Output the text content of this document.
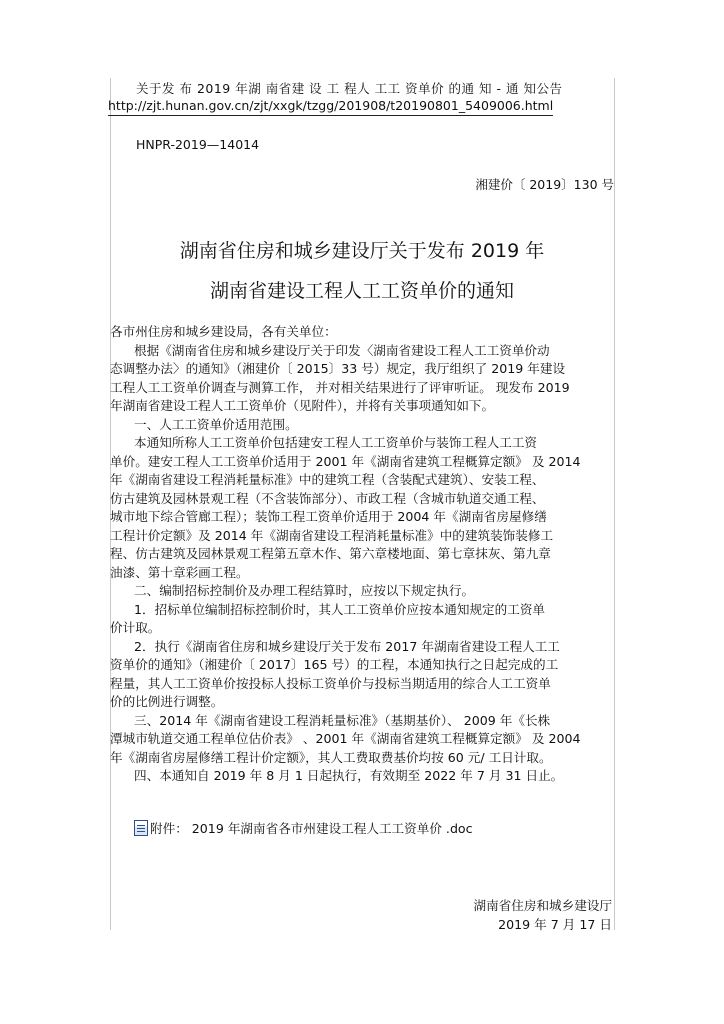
关于发 布 2019 年湖 南省建 设 工 程人 工工 资单价 的通 知 - 通 知公告
http://zjt.hunan.gov.cn/zjt/xxgk/tzgg/201908/t20190801_5409006.html
HNPR-2019—14014
湘建价〔 2019〕130 号
湖南省住房和城乡建设厅关于发布 2019 年
湖南省建设工程人工工资单价的通知
各市州住房和城乡建设局，各有关单位：
根据《湖南省住房和城乡建设厅关于印发〈湖南省建设工程人工工资单价动
态调整办法〉的通知》（湘建价〔 2015〕33 号）规定，我厅组织了 2019 年建设
工程人工工资单价调查与测算工作， 并对相关结果进行了评审听证。 现发布 2019
年湖南省建设工程人工工资单价（见附件），并将有关事项通知如下。
一、人工工资单价适用范围。
本通知所称人工工资单价包括建安工程人工工资单价与装饰工程人工工资
单价。建安工程人工工资单价适用于 2001 年《湖南省建筑工程概算定额》 及 2014
年《湖南省建设工程消耗量标准》中的建筑工程（含装配式建筑）、安装工程、
仿古建筑及园林景观工程（不含装饰部分）、市政工程（含城市轨道交通工程、
城市地下综合管廊工程）；装饰工程工资单价适用于 2004 年《湖南省房屋修缮
工程计价定额》及 2014 年《湖南省建设工程消耗量标准》中的建筑装饰装修工
程、仿古建筑及园林景观工程第五章木作、第六章楼地面、第七章抹灰、第九章
油漆、第十章彩画工程。
二、编制招标控制价及办理工程结算时，应按以下规定执行。
1．招标单位编制招标控制价时，其人工工资单价应按本通知规定的工资单
价计取。
2．执行《湖南省住房和城乡建设厅关于发布 2017 年湖南省建设工程人工工
资单价的通知》（湘建价〔 2017〕165 号）的工程，本通知执行之日起完成的工
程量，其人工工资单价按投标人投标工资单价与投标当期适用的综合人工工资单
价的比例进行调整。
三、2014 年《湖南省建设工程消耗量标准》（基期基价）、 2009 年《长株
潭城市轨道交通工程单位估价表》 、2001 年《湖南省建筑工程概算定额》 及 2004
年《湖南省房屋修缮工程计价定额》，其人工费取费基价均按 60 元/ 工日计取。
四、本通知自 2019 年 8 月 1 日起执行，有效期至 2022 年 7 月 31 日止。
附件： 2019 年湖南省各市州建设工程人工工资单价 .doc
湖南省住房和城乡建设厅
2019 年 7 月 17 日
